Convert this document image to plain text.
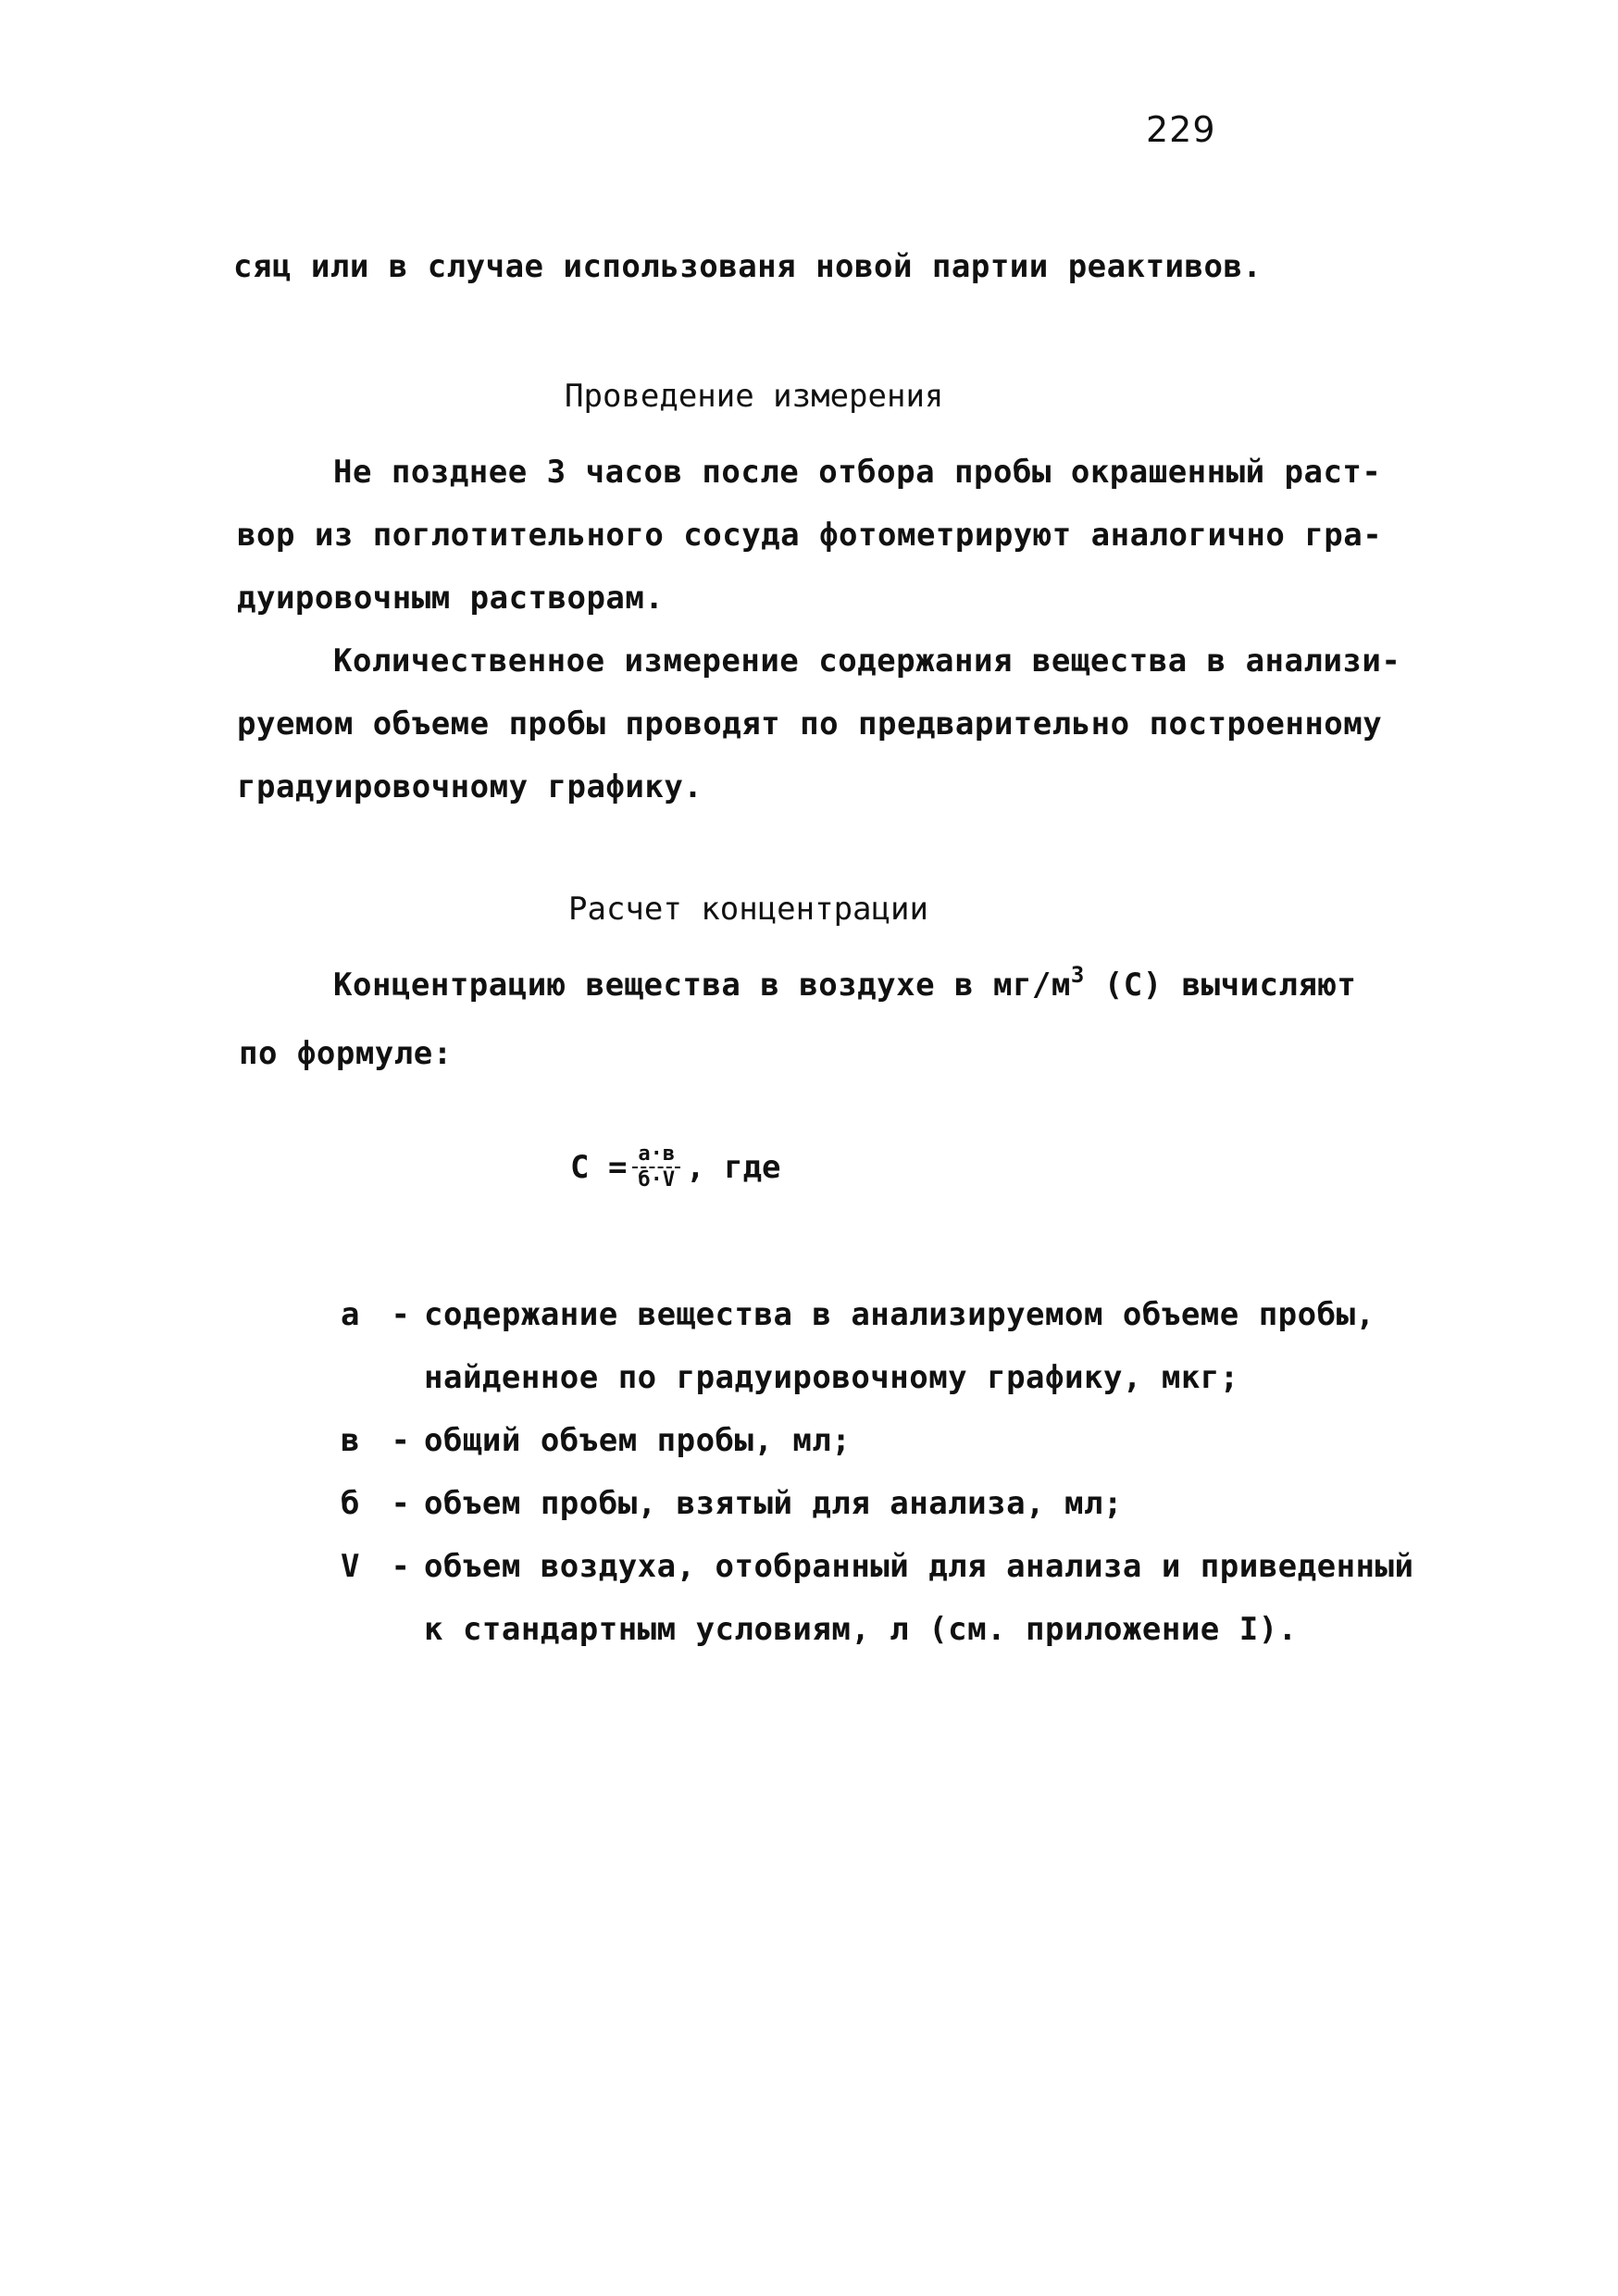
229
сяц или в случае использованя новой партии реактивов.
Проведение измерения
Не позднее 3 часов после отбора пробы окрашенный раст-
вор из поглотительного сосуда фотометрируют аналогично гра-
дуировочным растворам.
Количественное измерение содержания вещества в анализи-
руемом объеме пробы проводят по предварительно построенному
градуировочному графику.
Расчет концентрации
Концентрацию вещества в воздухе в $мг/м^3$ (С) вычисляют
по формуле:
$С = \frac{а\cdot в}{б\cdot V}$ , где
а - содержание вещества в анализируемом объеме пробы,
найденное по градуировочному графику, мкг;
в - общий объем пробы, мл;
б - объем пробы, взятый для анализа, мл;
V - объем воздуха, отобранный для анализа и приведенный
к стандартным условиям, л (см. приложение I).
